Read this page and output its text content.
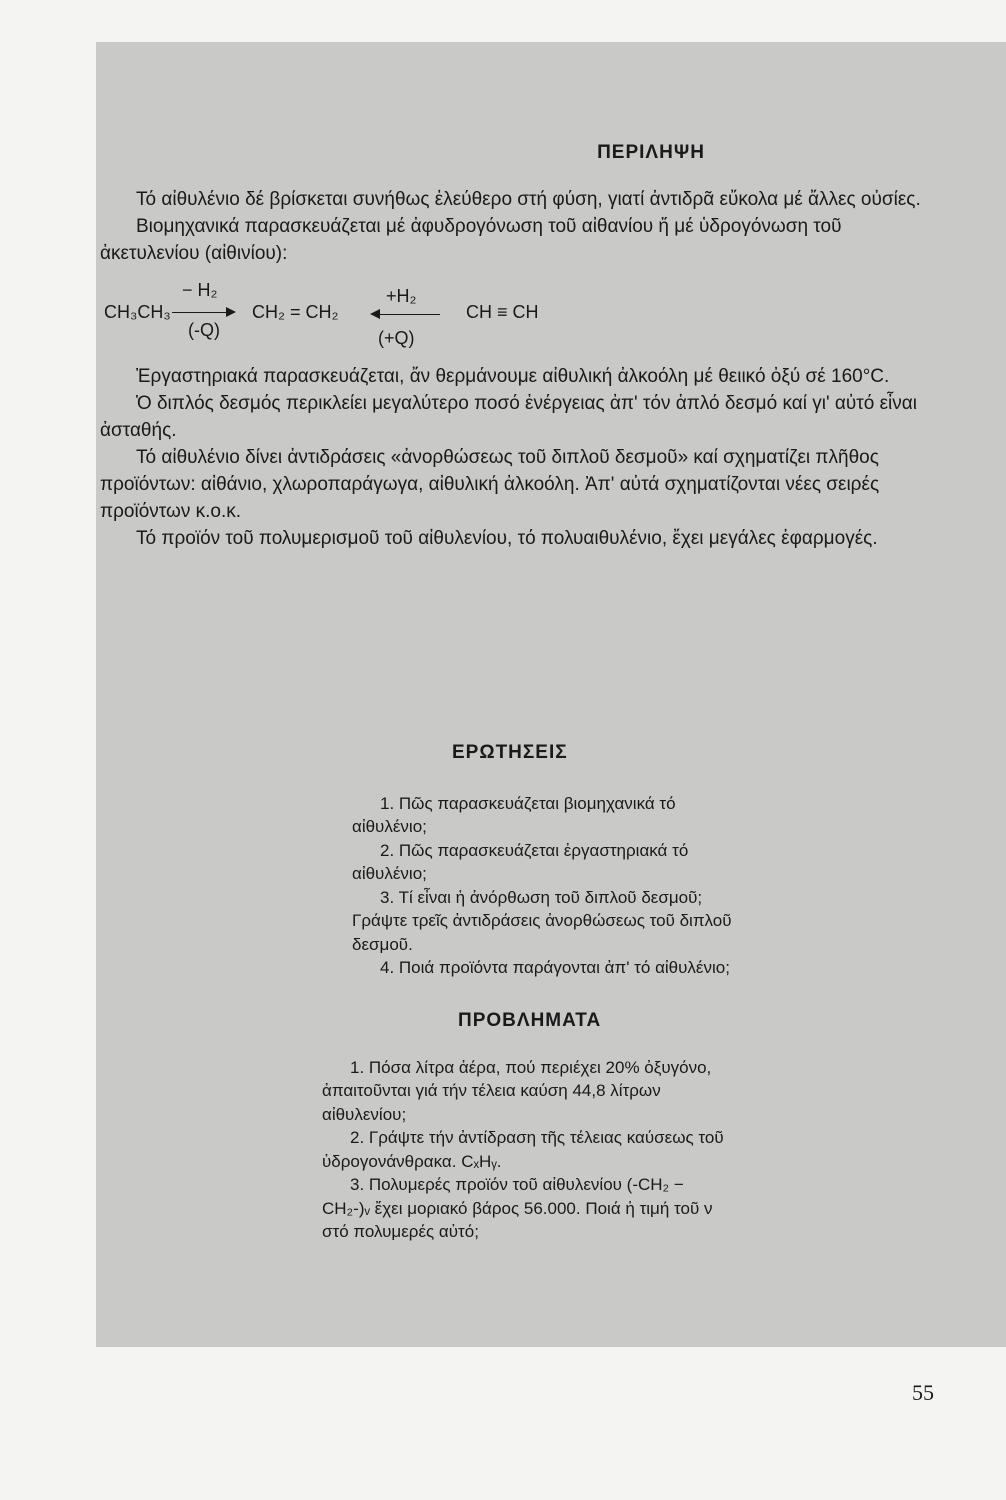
ΠΕΡΙΛΗΨΗ

Τό αἰθυλένιο δέ βρίσκεται συνήθως ἐλεύθερο στή φύση, γιατί ἀντιδρᾶ εὔκολα μέ ἄλλες οὐσίες.

Βιομηχανικά παρασκευάζεται μέ ἀφυδρογόνωση τοῦ αἰθανίου ἤ μέ ὑδρογόνωση τοῦ ἀκετυλενίου (αἰθινίου):

CH₃CH₃
− H₂
(-Q)
CH₂ = CH₂
+H₂
(+Q)
CH ≡ CH

Ἐργαστηριακά παρασκευάζεται, ἄν θερμάνουμε αἰθυλική ἀλκοόλη μέ θειικό ὀξύ σέ 160°C.

Ὁ διπλός δεσμός περικλείει μεγαλύτερο ποσό ἐνέργειας ἀπ' τόν ἁπλό δεσμό καί γι' αὐτό εἶναι ἀσταθής.

Τό αἰθυλένιο δίνει ἀντιδράσεις «ἀνορθώσεως τοῦ διπλοῦ δεσμοῦ» καί σχηματίζει πλῆθος προϊόντων: αἰθάνιο, χλωροπαράγωγα, αἰθυλική ἀλκοόλη. Ἀπ' αὐτά σχηματίζονται νέες σειρές προϊόντων κ.ο.κ.

Τό προϊόν τοῦ πολυμερισμοῦ τοῦ αἰθυλενίου, τό πολυαιθυλένιο, ἔχει μεγάλες ἐφαρμογές.

ΕΡΩΤΗΣΕΙΣ

1. Πῶς παρασκευάζεται βιομηχανικά τό αἰθυλένιο;

2. Πῶς παρασκευάζεται ἐργαστηριακά τό αἰθυλένιο;

3. Τί εἶναι ἡ ἀνόρθωση τοῦ διπλοῦ δεσμοῦ; Γράψτε τρεῖς ἀντιδράσεις ἀνορθώσεως τοῦ διπλοῦ δεσμοῦ.

4. Ποιά προϊόντα παράγονται ἀπ' τό αἰθυλένιο;

ΠΡΟΒΛΗΜΑΤΑ

1. Πόσα λίτρα ἀέρα, πού περιέχει 20% ὀξυγόνο, ἀπαιτοῦνται γιά τήν τέλεια καύση 44,8 λίτρων αἰθυλενίου;

2. Γράψτε τήν ἀντίδραση τῆς τέλειας καύσεως τοῦ ὑδρογονάνθρακα. CₓHᵧ.

3. Πολυμερές προϊόν τοῦ αἰθυλενίου (-CH₂ − CH₂-)ᵥ ἔχει μοριακό βάρος 56.000. Ποιά ἡ τιμή τοῦ ν στό πολυμερές αὐτό;

55
